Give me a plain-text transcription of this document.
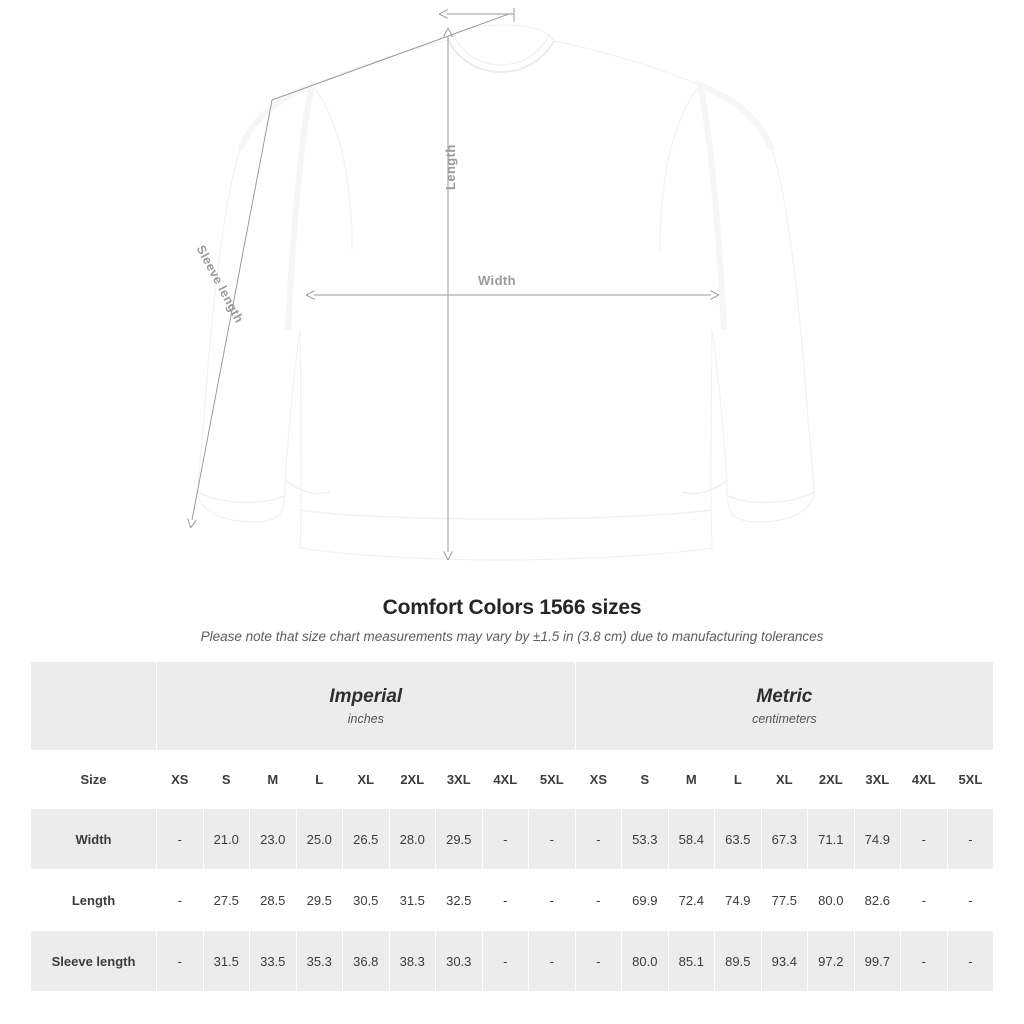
Width
Length
Sleeve length
Comfort Colors 1566 sizes
Please note that size chart measurements may vary by ±1.5 in (3.8 cm) due to manufacturing tolerances

Imperial
inches

Metric
centimeters

Size	XS	S	M	L	XL	2XL	3XL	4XL	5XL	XS	S	M	L	XL	2XL	3XL	4XL	5XL
Width	-	21.0	23.0	25.0	26.5	28.0	29.5	-	-	-	53.3	58.4	63.5	67.3	71.1	74.9	-	-
Length	-	27.5	28.5	29.5	30.5	31.5	32.5	-	-	-	69.9	72.4	74.9	77.5	80.0	82.6	-	-
Sleeve length	-	31.5	33.5	35.3	36.8	38.3	30.3	-	-	-	80.0	85.1	89.5	93.4	97.2	99.7	-	-
